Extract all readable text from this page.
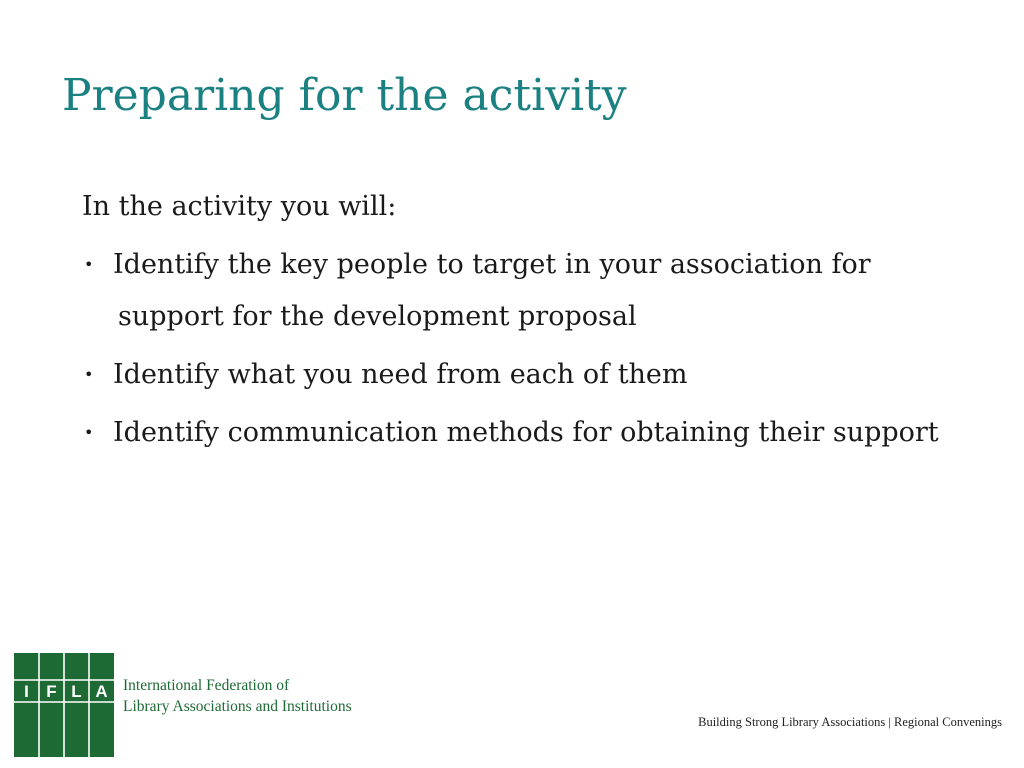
Preparing for the activity

In the activity you will:

• Identify the key people to target in your association for support for the development proposal
• Identify what you need from each of them
• Identify communication methods for obtaining their support
I F L A International Federation of
Library Associations and Institutions
Building Strong Library Associations | Regional Convenings
